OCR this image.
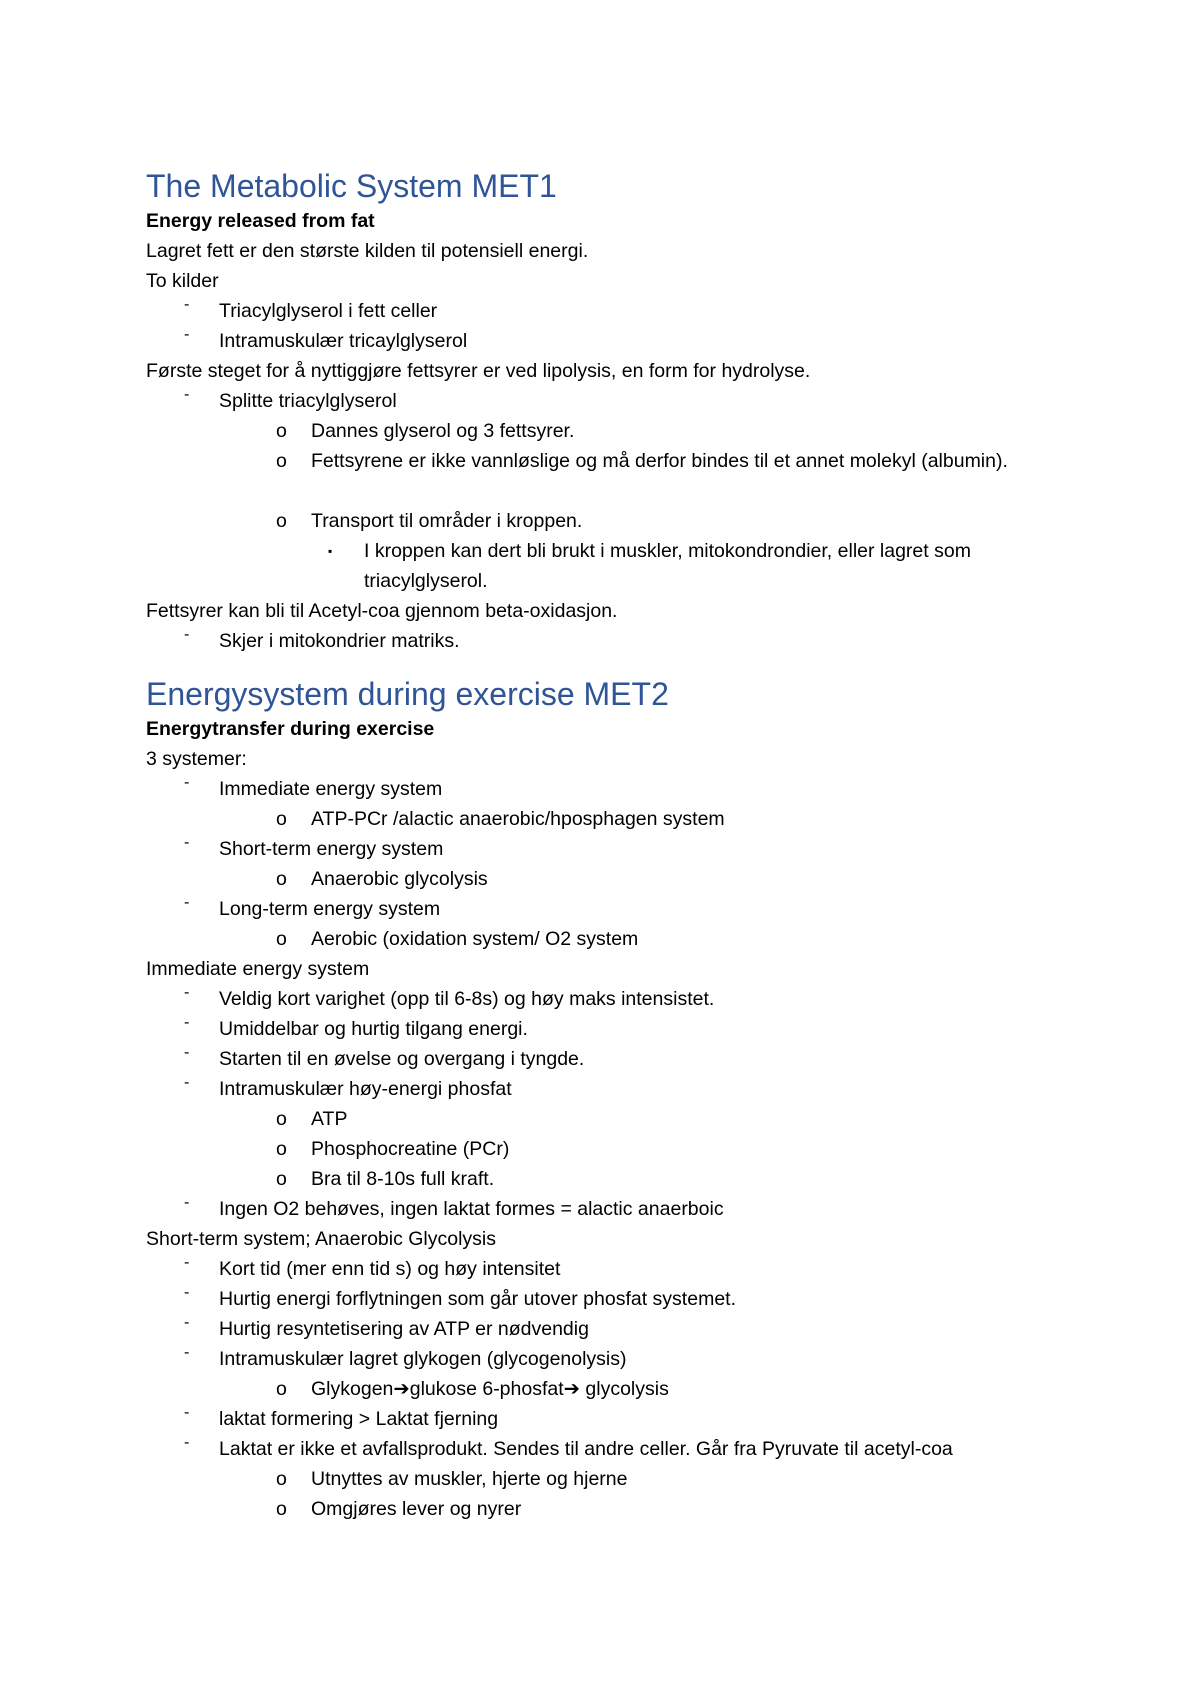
The Metabolic System MET1
Energy released from fat
Lagret fett er den største kilden til potensiell energi.
To kilder
- Triacylglyserol i fett celler
- Intramuskulær tricaylglyserol
Første steget for å nyttiggjøre fettsyrer er ved lipolysis, en form for hydrolyse.
- Splitte triacylglyserol
o Dannes glyserol og 3 fettsyrer.
o Fettsyrene er ikke vannløslige og må derfor bindes til et annet molekyl (albumin).
o Transport til områder i kroppen.
▪ I kroppen kan dert bli brukt i muskler, mitokondrondier, eller lagret som triacylglyserol.
Fettsyrer kan bli til Acetyl-coa gjennom beta-oxidasjon.
- Skjer i mitokondrier matriks.
Energysystem during exercise MET2
Energytransfer during exercise
3 systemer:
- Immediate energy system
o ATP-PCr /alactic anaerobic/hposphagen system
- Short-term energy system
o Anaerobic glycolysis
- Long-term energy system
o Aerobic (oxidation system/ O2 system
Immediate energy system
- Veldig kort varighet (opp til 6-8s) og høy maks intensistet.
- Umiddelbar og hurtig tilgang energi.
- Starten til en øvelse og overgang i tyngde.
- Intramuskulær høy-energi phosfat
o ATP
o Phosphocreatine (PCr)
o Bra til 8-10s full kraft.
- Ingen O2 behøves, ingen laktat formes = alactic anaerboic
Short-term system; Anaerobic Glycolysis
- Kort tid (mer enn tid s) og høy intensitet
- Hurtig energi forflytningen som går utover phosfat systemet.
- Hurtig resyntetisering av ATP er nødvendig
- Intramuskulær lagret glykogen (glycogenolysis)
o Glykogen➔glukose 6-phosfat➔ glycolysis
- laktat formering > Laktat fjerning
- Laktat er ikke et avfallsprodukt. Sendes til andre celler. Går fra Pyruvate til acetyl-coa
o Utnyttes av muskler, hjerte og hjerne
o Omgjøres lever og nyrer
